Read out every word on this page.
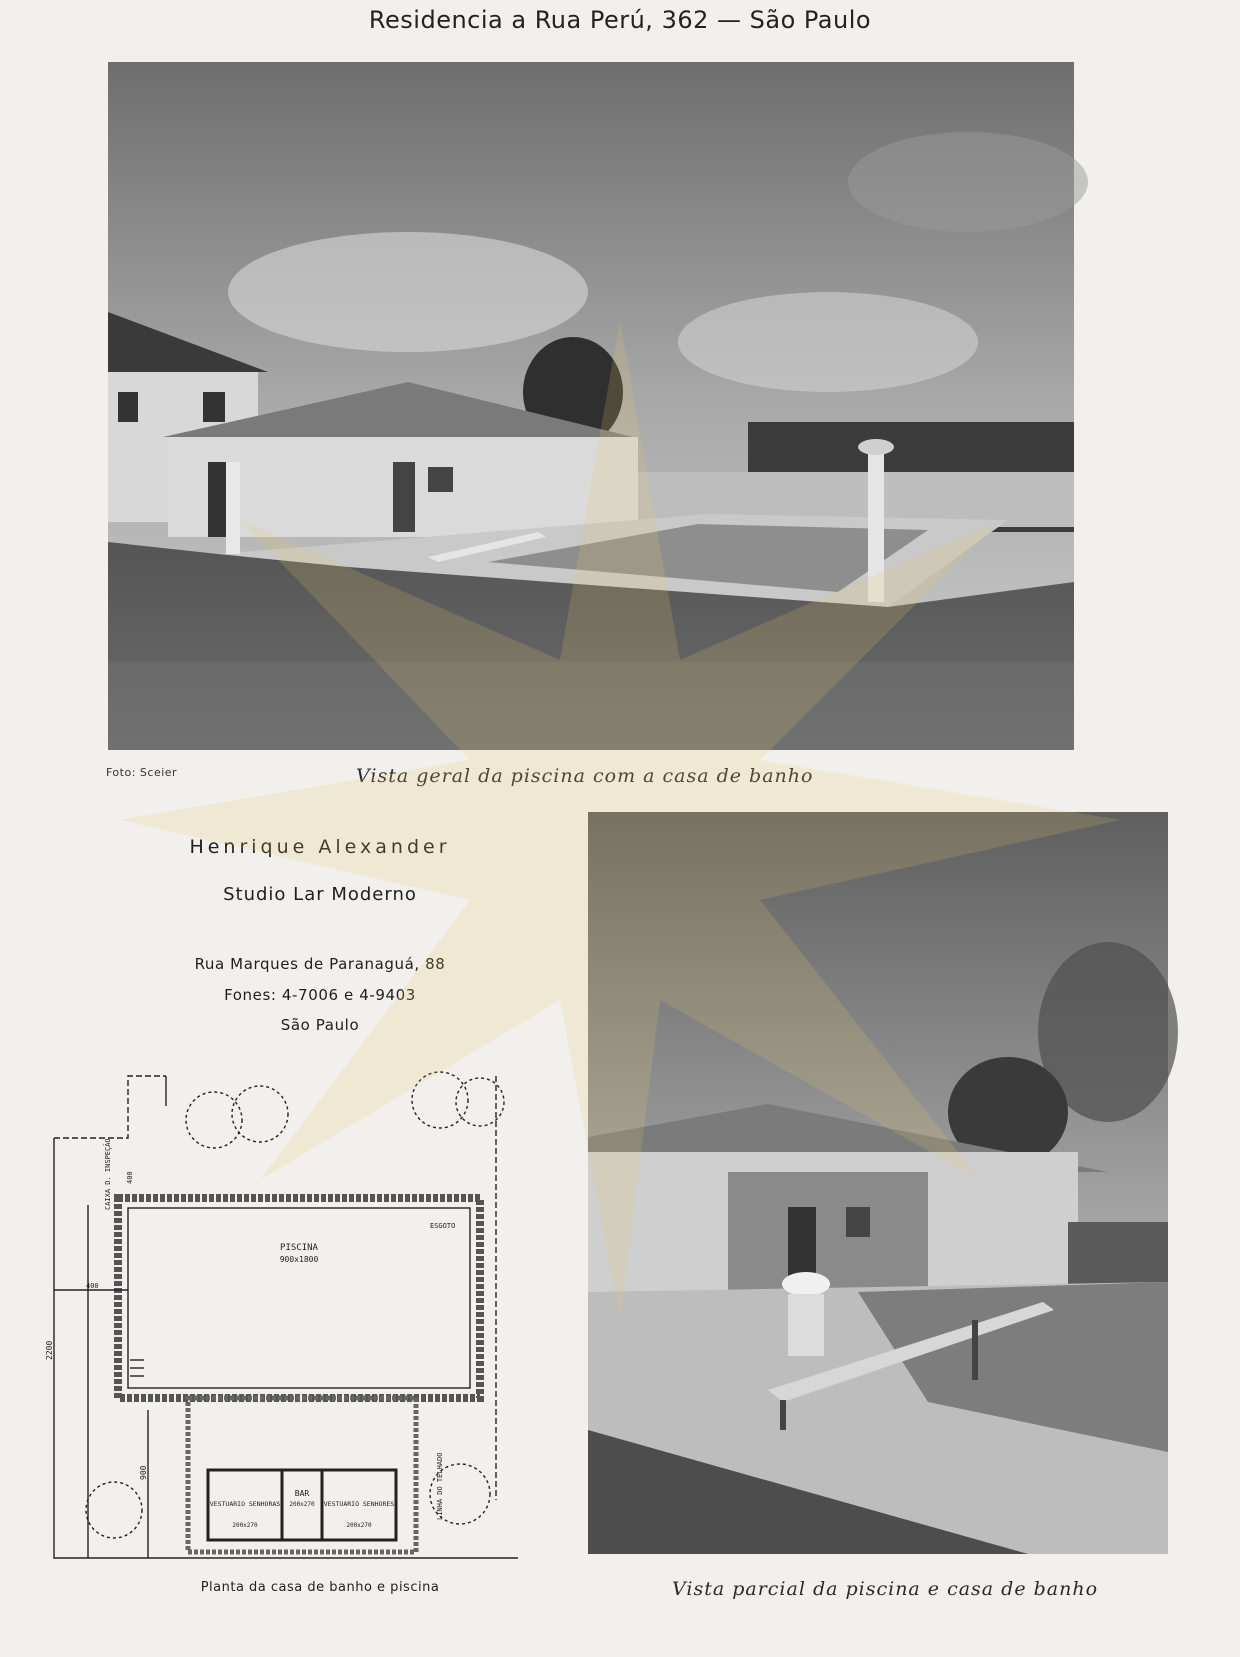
Residencia a Rua Perú, 362 — São Paulo
Foto: Sceier	Vista geral da piscina com a casa de banho
Henrique Alexander
Studio Lar Moderno
Rua Marques de Paranaguá, 88
Fones: 4-7006 e 4-9403
São Paulo
PISCINA
900x1800
ESGOTO
CAIXA D. INSPEÇÃO 400
400
2200
900	LINHA DO TELHADO
VESTUARIO SENHORAS	VESTUARIO SENHORES
BAR
200x270
200x270	200x270
Planta da casa de banho e piscina	Vista parcial da piscina e casa de banho
